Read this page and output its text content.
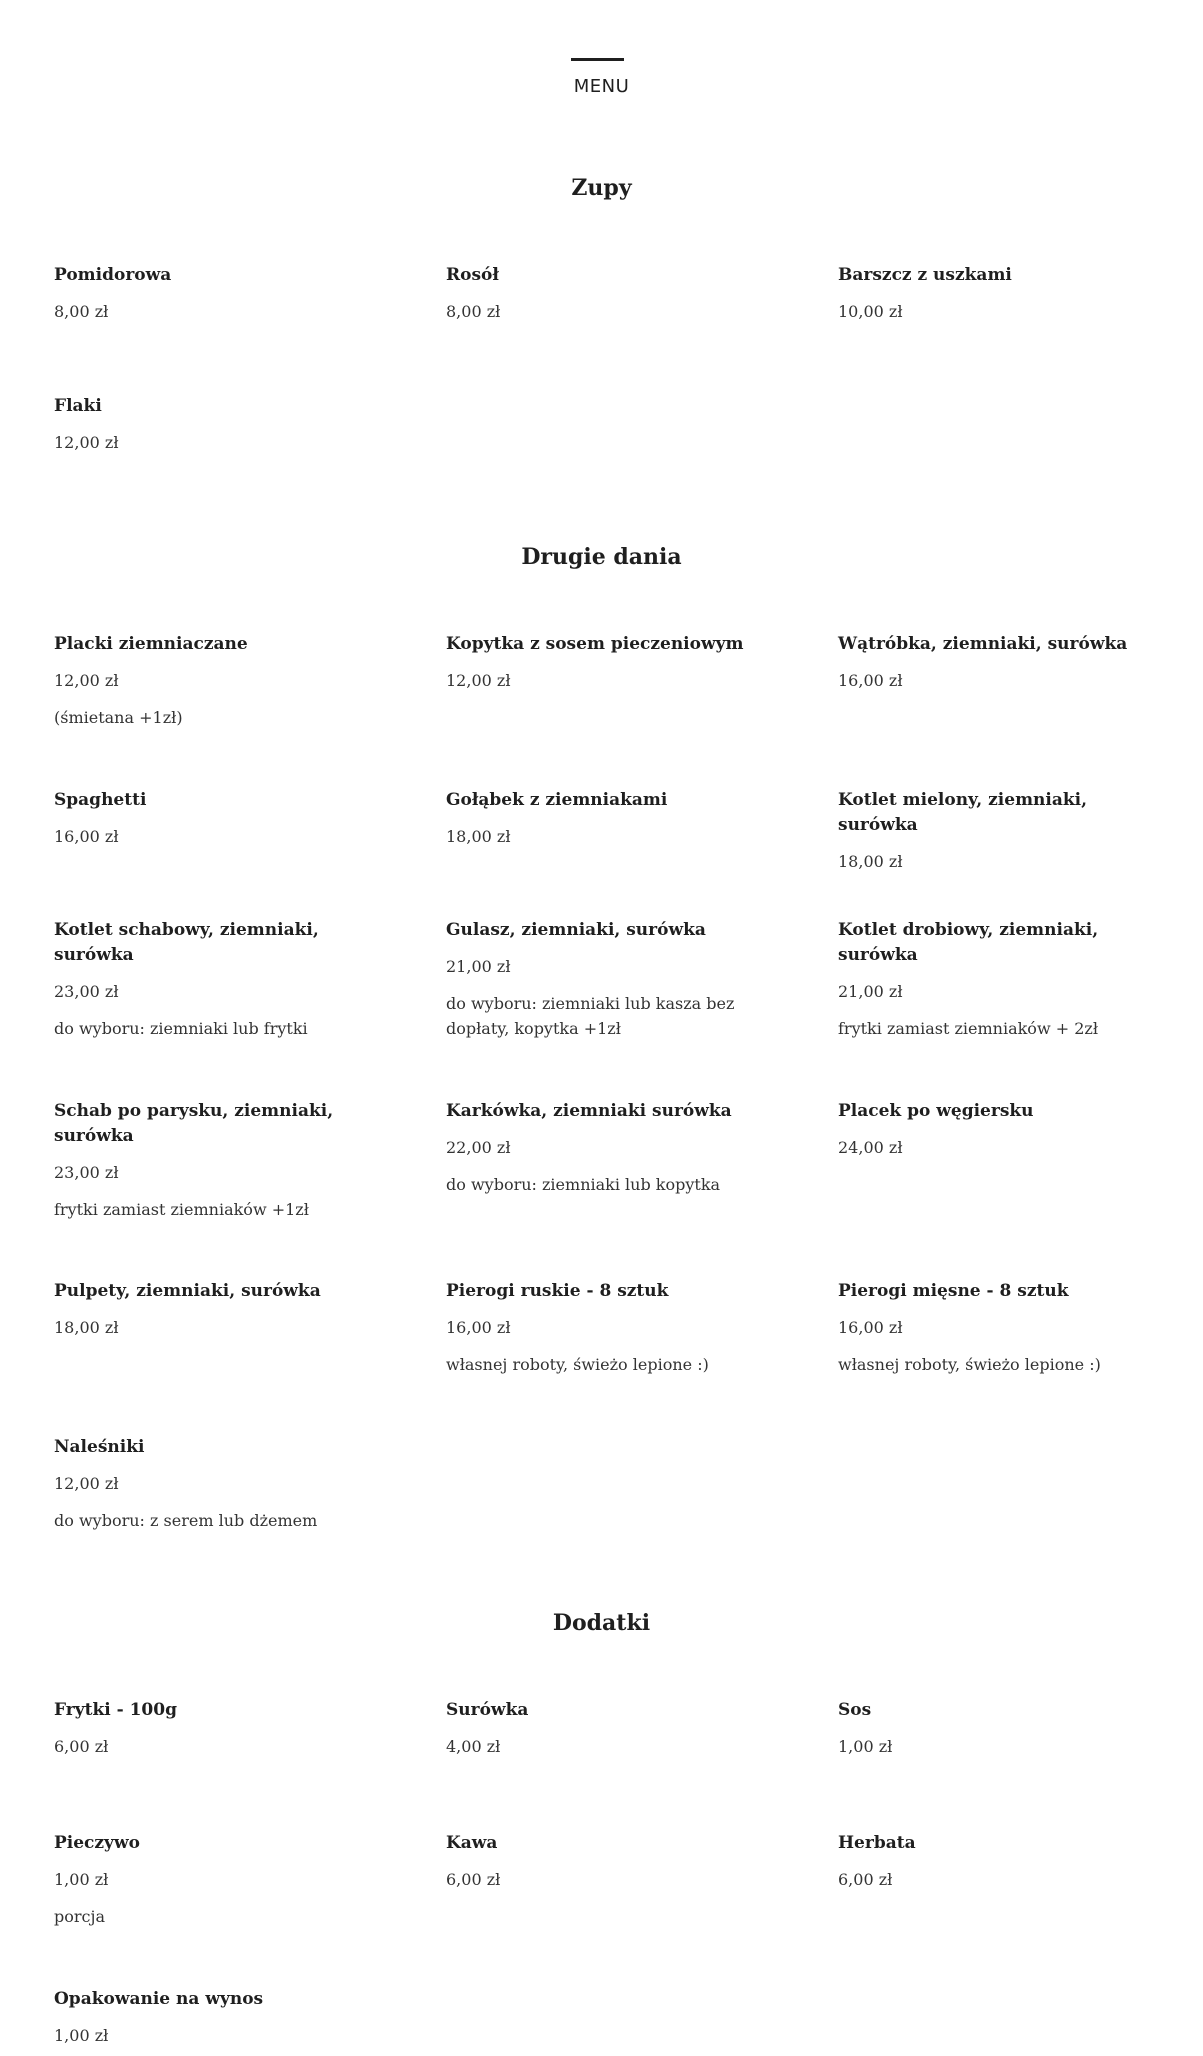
MENU
Zupy
Pomidorowa
8,00 zł
Rosół
8,00 zł
Barszcz z uszkami
10,00 zł
Flaki
12,00 zł
Drugie dania
Placki ziemniaczane
12,00 zł
(śmietana +1zł)
Kopytka z sosem pieczeniowym
12,00 zł
Wątróbka, ziemniaki, surówka
16,00 zł
Spaghetti
16,00 zł
Gołąbek z ziemniakami
18,00 zł
Kotlet mielony, ziemniaki, surówka
18,00 zł
Kotlet schabowy, ziemniaki, surówka
23,00 zł
do wyboru: ziemniaki lub frytki
Gulasz, ziemniaki, surówka
21,00 zł
do wyboru: ziemniaki lub kasza bez dopłaty, kopytka +1zł
Kotlet drobiowy, ziemniaki, surówka
21,00 zł
frytki zamiast ziemniaków + 2zł
Schab po parysku, ziemniaki, surówka
23,00 zł
frytki zamiast ziemniaków +1zł
Karkówka, ziemniaki surówka
22,00 zł
do wyboru: ziemniaki lub kopytka
Placek po węgiersku
24,00 zł
Pulpety, ziemniaki, surówka
18,00 zł
Pierogi ruskie - 8 sztuk
16,00 zł
własnej roboty, świeżo lepione :)
Pierogi mięsne - 8 sztuk
16,00 zł
własnej roboty, świeżo lepione :)
Naleśniki
12,00 zł
do wyboru: z serem lub dżemem
Dodatki
Frytki - 100g
6,00 zł
Surówka
4,00 zł
Sos
1,00 zł
Pieczywo
1,00 zł
porcja
Kawa
6,00 zł
Herbata
6,00 zł
Opakowanie na wynos
1,00 zł
